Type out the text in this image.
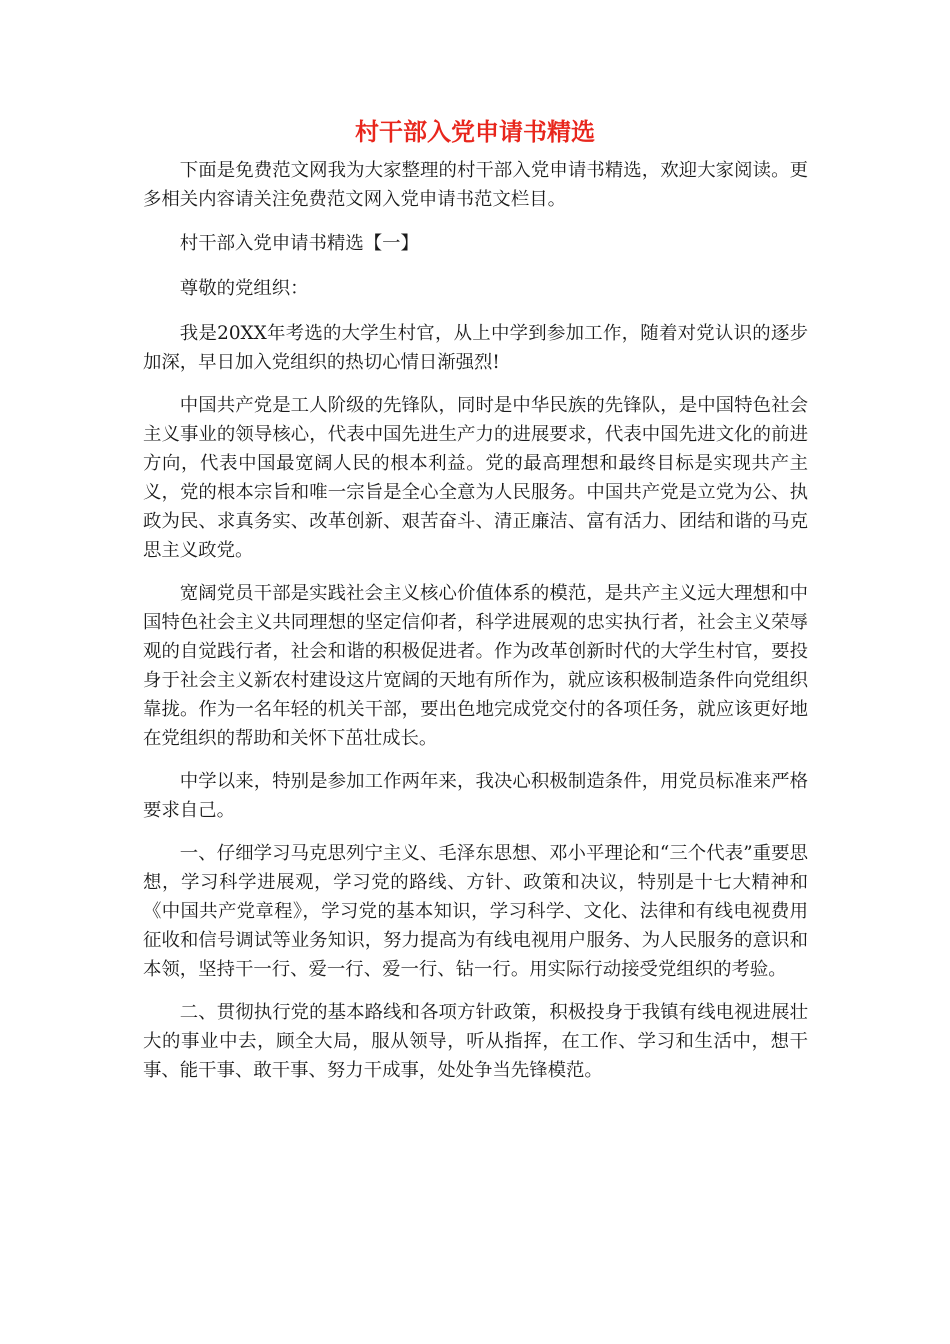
村干部入党申请书精选

下面是免费范文网我为大家整理的村干部入党申请书精选，欢迎大家阅读。更多相关内容请关注免费范文网入党申请书范文栏目。

村干部入党申请书精选【一】

尊敬的党组织：

我是20XX年考选的大学生村官，从上中学到参加工作，随着对党认识的逐步加深，早日加入党组织的热切心情日渐强烈!

中国共产党是工人阶级的先锋队，同时是中华民族的先锋队，是中国特色社会主义事业的领导核心，代表中国先进生产力的进展要求，代表中国先进文化的前进方向，代表中国最宽阔人民的根本利益。党的最高理想和最终目标是实现共产主义，党的根本宗旨和唯一宗旨是全心全意为人民服务。中国共产党是立党为公、执政为民、求真务实、改革创新、艰苦奋斗、清正廉洁、富有活力、团结和谐的马克思主义政党。

宽阔党员干部是实践社会主义核心价值体系的模范，是共产主义远大理想和中国特色社会主义共同理想的坚定信仰者，科学进展观的忠实执行者，社会主义荣辱观的自觉践行者，社会和谐的积极促进者。作为改革创新时代的大学生村官，要投身于社会主义新农村建设这片宽阔的天地有所作为，就应该积极制造条件向党组织靠拢。作为一名年轻的机关干部，要出色地完成党交付的各项任务，就应该更好地在党组织的帮助和关怀下茁壮成长。

中学以来，特别是参加工作两年来，我决心积极制造条件，用党员标准来严格要求自己。

一、仔细学习马克思列宁主义、毛泽东思想、邓小平理论和“三个代表”重要思想，学习科学进展观，学习党的路线、方针、政策和决议，特别是十七大精神和《中国共产党章程》，学习党的基本知识，学习科学、文化、法律和有线电视费用征收和信号调试等业务知识，努力提高为有线电视用户服务、为人民服务的意识和本领，坚持干一行、爱一行、爱一行、钻一行。用实际行动接受党组织的考验。

二、贯彻执行党的基本路线和各项方针政策，积极投身于我镇有线电视进展壮大的事业中去，顾全大局，服从领导，听从指挥，在工作、学习和生活中，想干事、能干事、敢干事、努力干成事，处处争当先锋模范。
